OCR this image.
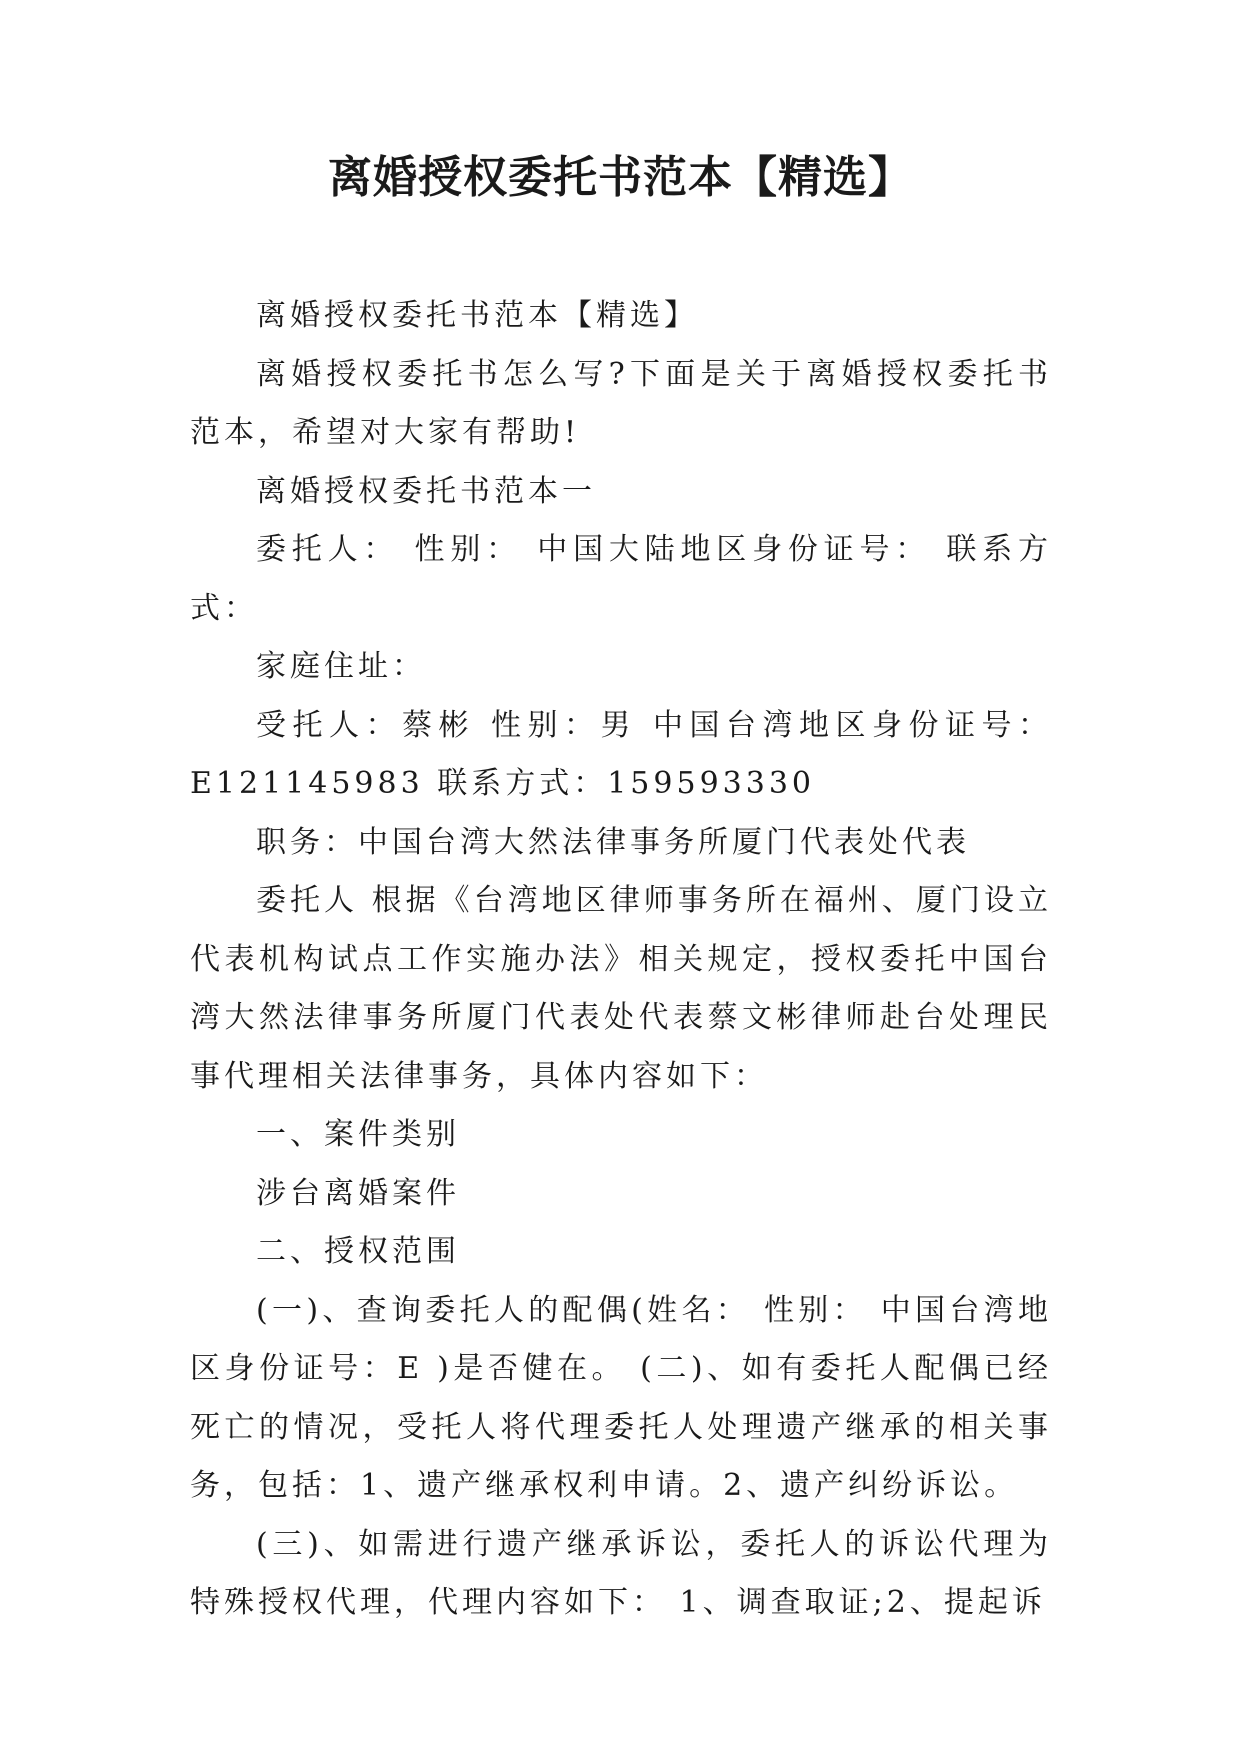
离婚授权委托书范本【精选】

离婚授权委托书范本【精选】

离婚授权委托书怎么写?下面是关于离婚授权委托书范本，希望对大家有帮助!

离婚授权委托书范本一

委托人： 性别： 中国大陆地区身份证号： 联系方式：

家庭住址：

受托人：蔡彬 性别：男 中国台湾地区身份证号：E121145983 联系方式：159593330

职务：中国台湾大然法律事务所厦门代表处代表

委托人 根据《台湾地区律师事务所在福州、厦门设立代表机构试点工作实施办法》相关规定，授权委托中国台湾大然法律事务所厦门代表处代表蔡文彬律师赴台处理民事代理相关法律事务，具体内容如下：

一、案件类别

涉台离婚案件

二、授权范围

(一)、查询委托人的配偶(姓名： 性别： 中国台湾地区身份证号：E )是否健在。 (二)、如有委托人配偶已经死亡的情况，受托人将代理委托人处理遗产继承的相关事务，包括：1、遗产继承权利申请。2、遗产纠纷诉讼。

(三)、如需进行遗产继承诉讼，委托人的诉讼代理为特殊授权代理，代理内容如下： 1、调查取证;2、提起诉
